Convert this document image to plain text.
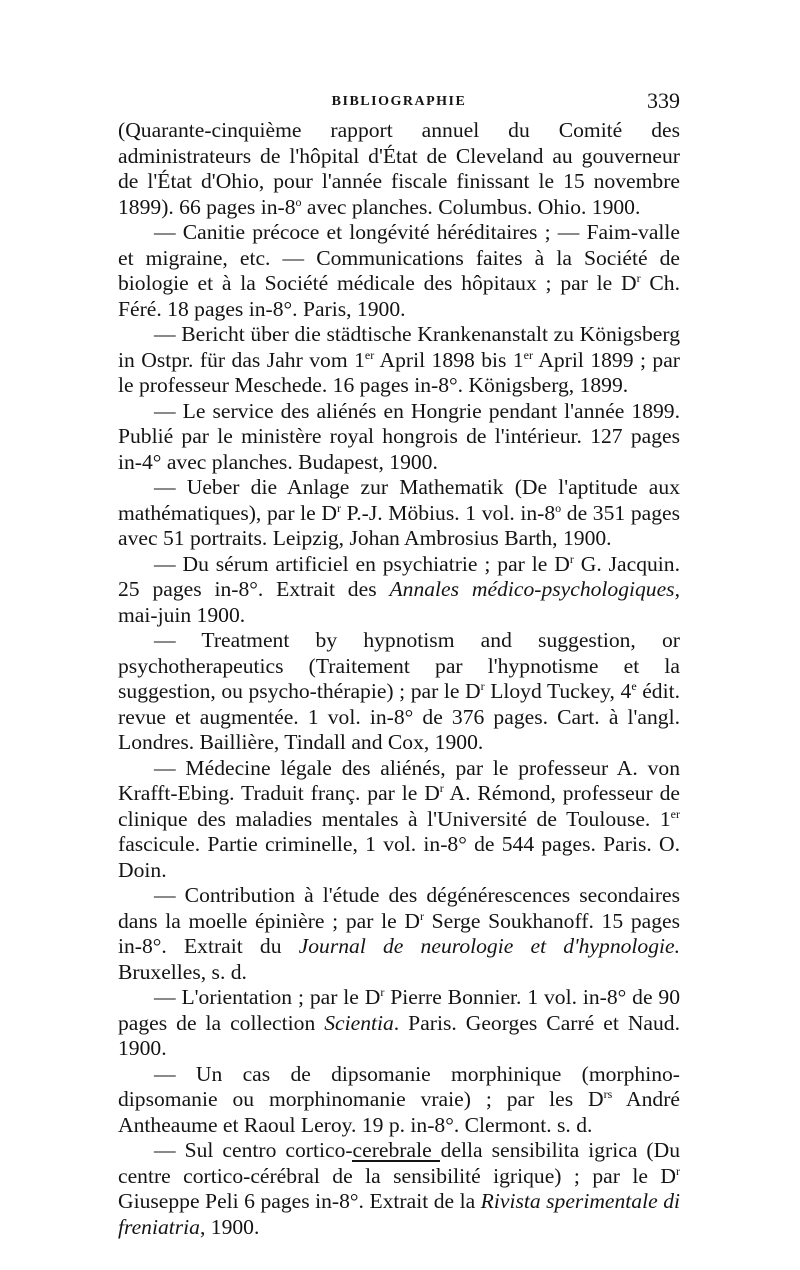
BIBLIOGRAPHIE	339

(Quarante-cinquième rapport annuel du Comité des administrateurs de l'hôpital d'État de Cleveland au gouverneur de l'État d'Ohio, pour l'année fiscale finissant le 15 novembre 1899). 66 pages in-8$^o$ avec planches. Columbus. Ohio. 1900.

— Canitie précoce et longévité héréditaires ; — Faim-valle et migraine, etc. — Communications faites à la Société de biologie et à la Société médicale des hôpitaux ; par le $D^r$ Ch. Féré. 18 pages in-8°. Paris, 1900.

— Bericht über die städtische Krankenanstalt zu Königsberg in Ostpr. für das Jahr vom 1er April 1898 bis 1er April 1899 ; par le professeur Meschede. 16 pages in-8°. Königsberg, 1899.

— Le service des aliénés en Hongrie pendant l'année 1899. Publié par le ministère royal hongrois de l'intérieur. 127 pages in-4° avec planches. Budapest, 1900.

— Ueber die Anlage zur Mathematik (De l'aptitude aux mathématiques), par le $D^r$ P.-J. Möbius. 1 vol. in-8$^o$ de 351 pages avec 51 portraits. Leipzig, Johan Ambrosius Barth, 1900.

— Du sérum artificiel en psychiatrie ; par le $D^r$ G. Jacquin. 25 pages in-8°. Extrait des Annales médico-psychologiques, mai-juin 1900.

— Treatment by hypnotism and suggestion, or psychotherapeutics (Traitement par l'hypnotisme et la suggestion, ou psycho-thérapie) ; par le $D^r$ Lloyd Tuckey, 4e édit. revue et augmentée. 1 vol. in-8° de 376 pages. Cart. à l'angl. Londres. Baillière, Tindall and Cox, 1900.

— Médecine légale des aliénés, par le professeur A. von Krafft-Ebing. Traduit franç. par le $D^r$ A. Rémond, professeur de clinique des maladies mentales à l'Université de Toulouse. 1er fascicule. Partie criminelle, 1 vol. in-8° de 544 pages. Paris. O. Doin.

— Contribution à l'étude des dégénérescences secondaires dans la moelle épinière ; par le $D^r$ Serge Soukhanoff. 15 pages in-8°. Extrait du Journal de neurologie et d'hypnologie. Bruxelles, s. d.

— L'orientation ; par le $D^r$ Pierre Bonnier. 1 vol. in-8° de 90 pages de la collection Scientia. Paris. Georges Carré et Naud. 1900.

— Un cas de dipsomanie morphinique (morphino-dipsomanie ou morphinomanie vraie) ; par les $D^{rs}$ André Antheaume et Raoul Leroy. 19 p. in-8°. Clermont. s. d.

— Sul centro cortico-cerebrale della sensibilita igrica (Du centre cortico-cérébral de la sensibilité igrique) ; par le $D^r$ Giuseppe Peli 6 pages in-8°. Extrait de la Rivista sperimentale di freniatria, 1900.
